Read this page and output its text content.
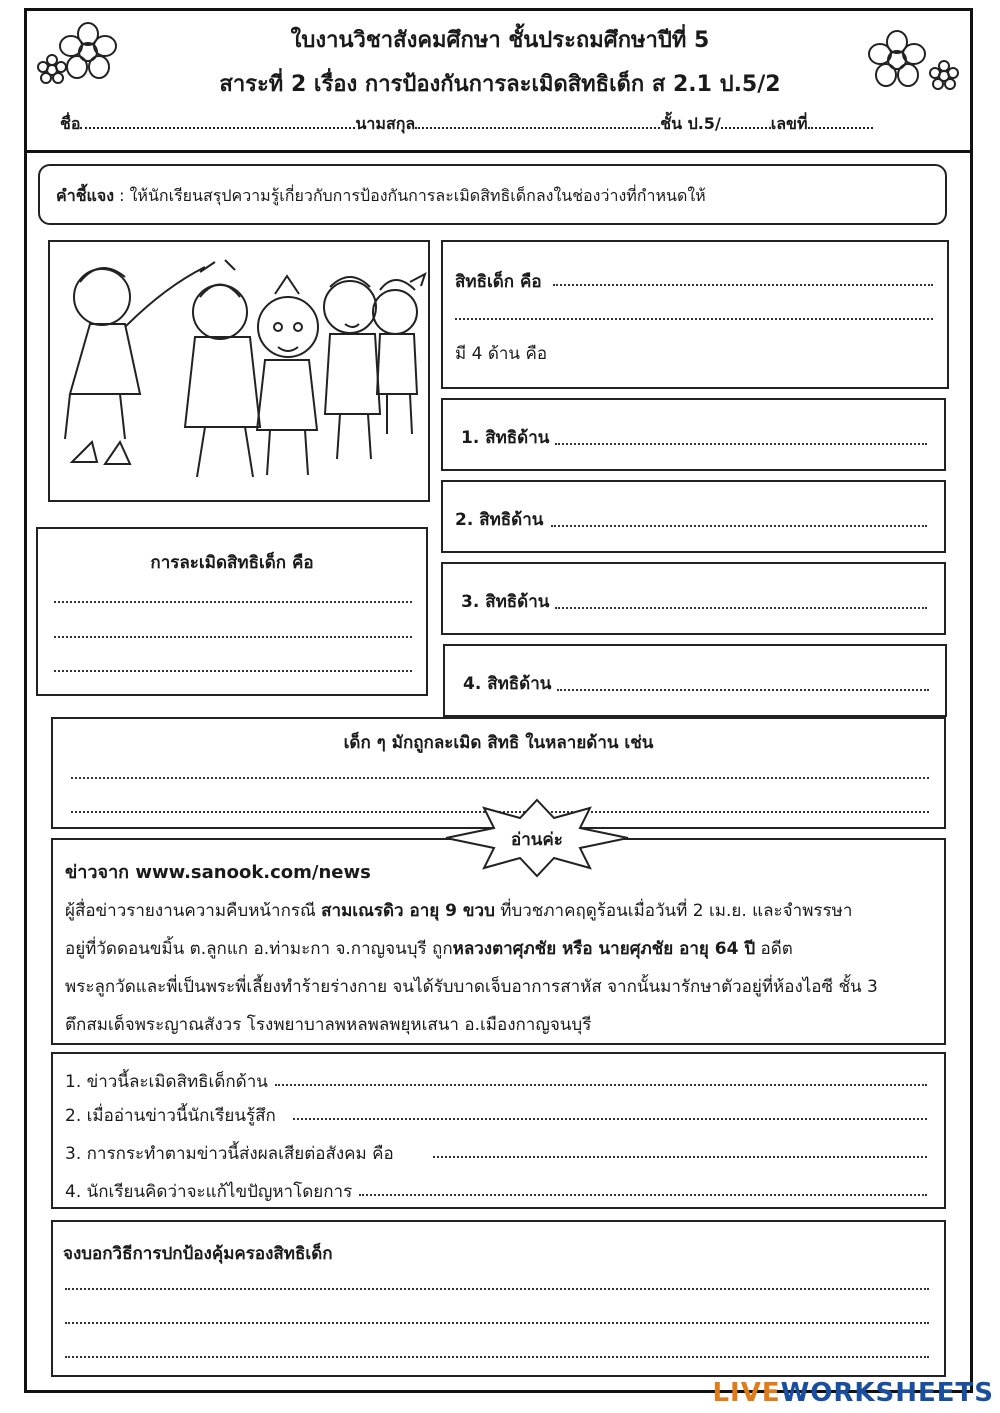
ใบงานวิชาสังคมศึกษา ชั้นประถมศึกษาปีที่ 5
สาระที่ 2 เรื่อง การป้องกันการละเมิดสิทธิเด็ก ส 2.1 ป.5/2
ชื่อ	นามสกุล	ชั้น ป.5/	เลขที่
คำชี้แจง : ให้นักเรียนสรุปความรู้เกี่ยวกับการป้องกันการละเมิดสิทธิเด็กลงในช่องว่างที่กำหนดให้
สิทธิเด็ก คือ
มี 4 ด้าน คือ
1. สิทธิด้าน
2. สิทธิด้าน
3. สิทธิด้าน
4. สิทธิด้าน
การละเมิดสิทธิเด็ก คือ
เด็ก ๆ มักถูกละเมิด สิทธิ ในหลายด้าน เช่น

ข่าวจาก www.sanook.com/news

ผู้สื่อข่าวรายงานความคืบหน้ากรณี สามเณรดิว อายุ 9 ขวบ ที่บวชภาคฤดูร้อนเมื่อวันที่ 2 เม.ย. และจำพรรษา

อยู่ที่วัดดอนขมิ้น ต.ลูกแก อ.ท่ามะกา จ.กาญจนบุรี ถูกหลวงตาศุภชัย หรือ นายศุภชัย อายุ 64 ปี อดีต

พระลูกวัดและพี่เป็นพระพี่เลี้ยงทำร้ายร่างกาย จนได้รับบาดเจ็บอาการสาหัส จากนั้นมารักษาตัวอยู่ที่ห้องไอซี ชั้น 3

ตึกสมเด็จพระญาณสังวร โรงพยาบาลพหลพลพยุหเสนา อ.เมืองกาญจนบุรี

อ่านค่ะ
1. ข่าวนี้ละเมิดสิทธิเด็กด้าน
2. เมื่ออ่านข่าวนี้นักเรียนรู้สึก
3. การกระทำตามข่าวนี้ส่งผลเสียต่อสังคม คือ
4. นักเรียนคิดว่าจะแก้ไขปัญหาโดยการ
จงบอกวิธีการปกป้องคุ้มครองสิทธิเด็ก
LIVEWORKSHEETS
